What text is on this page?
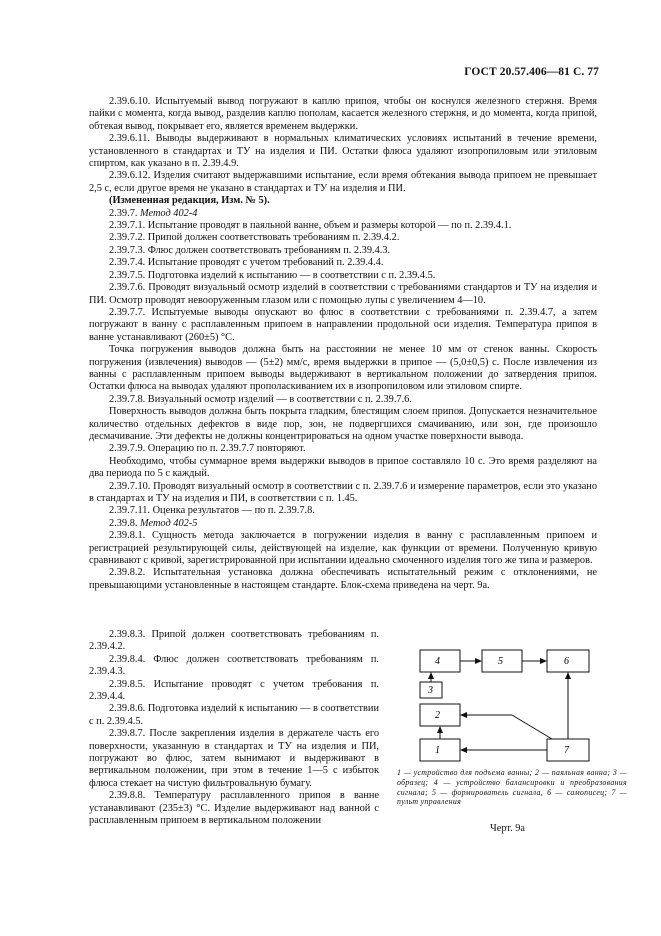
ГОСТ 20.57.406—81 С. 77

2.39.6.10. Испытуемый вывод погружают в каплю припоя, чтобы он коснулся железного стержня. Время пайки с момента, когда вывод, разделив каплю пополам, касается железного стержня, и до момента, когда припой, обтекая вывод, покрывает его, является временем выдержки.

2.39.6.11. Выводы выдерживают в нормальных климатических условиях испытаний в течение времени, установленного в стандартах и ТУ на изделия и ПИ. Остатки флюса удаляют изопропиловым или этиловым спиртом, как указано в п. 2.39.4.9.

2.39.6.12. Изделия считают выдержавшими испытание, если время обтекания вывода припоем не превышает 2,5 с, если другое время не указано в стандартах и ТУ на изделия и ПИ.

(Измененная редакция, Изм. № 5).

2.39.7. Метод 402-4

2.39.7.1. Испытание проводят в паяльной ванне, объем и размеры которой — по п. 2.39.4.1.

2.39.7.2. Припой должен соответствовать требованиям п. 2.39.4.2.

2.39.7.3. Флюс должен соответствовать требованиям п. 2.39.4.3.

2.39.7.4. Испытание проводят с учетом требований п. 2.39.4.4.

2.39.7.5. Подготовка изделий к испытанию — в соответствии с п. 2.39.4.5.

2.39.7.6. Проводят визуальный осмотр изделий в соответствии с требованиями стандартов и ТУ на изделия и ПИ. Осмотр проводят невооруженным глазом или с помощью лупы с увеличением 4—10.

2.39.7.7. Испытуемые выводы опускают во флюс в соответствии с требованиями п. 2.39.4.7, а затем погружают в ванну с расплавленным припоем в направлении продольной оси изделия. Температура припоя в ванне устанавливают (260±5) °С.

Точка погружения выводов должна быть на расстоянии не менее 10 мм от стенок ванны. Скорость погружения (извлечения) выводов — (5±2) мм/с, время выдержки в припое — (5,0±0,5) с. После извлечения из ванны с расплавленным припоем выводы выдерживают в вертикальном положении до затвердения припоя. Остатки флюса на выводах удаляют прополаскиванием их в изопропиловом или этиловом спирте.

2.39.7.8. Визуальный осмотр изделий — в соответствии с п. 2.39.7.6.

Поверхность выводов должна быть покрыта гладким, блестящим слоем припоя. Допускается незначительное количество отдельных дефектов в виде пор, зон, не подвергшихся смачиванию, или зон, где произошло десмачивание. Эти дефекты не должны концентрироваться на одном участке поверхности вывода.

2.39.7.9. Операцию по п. 2.39.7.7 повторяют.

Необходимо, чтобы суммарное время выдержки выводов в припое составляло 10 с. Это время разделяют на два периода по 5 с каждый.

2.39.7.10. Проводят визуальный осмотр в соответствии с п. 2.39.7.6 и измерение параметров, если это указано в стандартах и ТУ на изделия и ПИ, в соответствии с п. 1.45.

2.39.7.11. Оценка результатов — по п. 2.39.7.8.

2.39.8. Метод 402-5

2.39.8.1. Сущность метода заключается в погружении изделия в ванну с расплавленным припоем и регистрацией результирующей силы, действующей на изделие, как функции от времени. Полученную кривую сравнивают с кривой, зарегистрированной при испытании идеально смоченного изделия того же типа и размеров.

2.39.8.2. Испытательная установка должна обеспечивать испытательный режим с отклонениями, не превышающими установленные в настоящем стандарте. Блок-схема приведена на черт. 9а.

2.39.8.3. Припой должен соответствовать требованиям п. 2.39.4.2.

2.39.8.4. Флюс должен соответствовать требованиям п. 2.39.4.3.

2.39.8.5. Испытание проводят с учетом требования п. 2.39.4.4.

2.39.8.6. Подготовка изделий к испытанию — в соответствии с п. 2.39.4.5.

2.39.8.7. После закрепления изделия в держателе часть его поверхности, указанную в стандартах и ТУ на изделия и ПИ, погружают во флюс, затем вынимают и выдерживают в вертикальном положении, при этом в течение 1—5 с избыток флюса стекает на чистую фильтровальную бумагу.

2.39.8.8. Температуру расплавленного припоя в ванне устанавливают (235±3) °С. Изделие выдерживают над ванной с расплавленным припоем в вертикальном положении

4	5	6
3
2
1	7
1 — устройство для подъема ванны; 2 — паяльная ванна; 3 — образец; 4 — устройство балансировки и преобразования сигнала; 5 — формирователь сигнала, 6 — самописец; 7 — пульт управления
Черт. 9а
